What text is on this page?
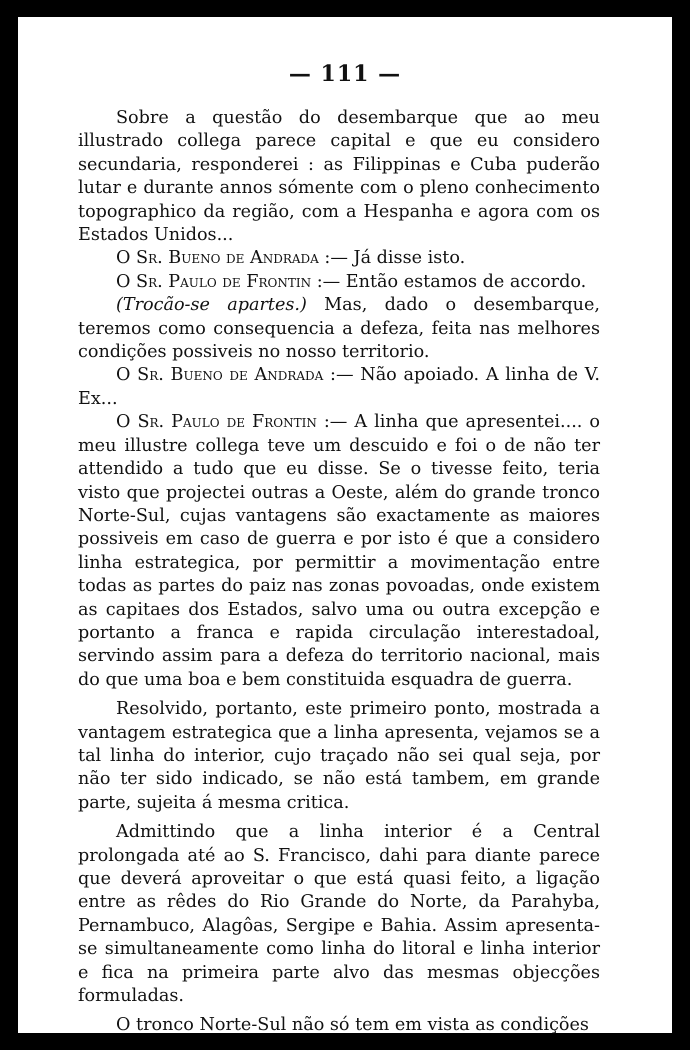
— 111 —

Sobre a questão do desembarque que ao meu illustrado collega parece capital e que eu considero secundaria, responderei : as Filippinas e Cuba puderão lutar e durante annos sómente com o pleno conhecimento topographico da região, com a Hespanha e agora com os Estados Unidos...

O Sr. Bueno de Andrada :— Já disse isto.

O Sr. Paulo de Frontin :— Então estamos de accordo.

(Trocão-se apartes.) Mas, dado o desembarque, teremos como consequencia a defeza, feita nas melhores condições possiveis no nosso territorio.

O Sr. Bueno de Andrada :— Não apoiado. A linha de V. Ex...

O Sr. Paulo de Frontin :— A linha que apresentei.... o meu illustre collega teve um descuido e foi o de não ter attendido a tudo que eu disse. Se o tivesse feito, teria visto que projectei outras a Oeste, além do grande tronco Norte-Sul, cujas vantagens são exactamente as maiores possiveis em caso de guerra e por isto é que a considero linha estrategica, por permittir a movimentação entre todas as partes do paiz nas zonas povoadas, onde existem as capitaes dos Estados, salvo uma ou outra excepção e portanto a franca e rapida circulação interestadoal, servindo assim para a defeza do territorio nacional, mais do que uma boa e bem constituida esquadra de guerra.

Resolvido, portanto, este primeiro ponto, mostrada a vantagem estrategica que a linha apresenta, vejamos se a tal linha do interior, cujo traçado não sei qual seja, por não ter sido indicado, se não está tambem, em grande parte, sujeita á mesma critica.

Admittindo que a linha interior é a Central prolongada até ao S. Francisco, dahi para diante parece que deverá aproveitar o que está quasi feito, a ligação entre as rêdes do Rio Grande do Norte, da Parahyba, Pernambuco, Alagôas, Sergipe e Bahia. Assim apresenta-se simultaneamente como linha do litoral e linha interior e fica na primeira parte alvo das mesmas objecções formuladas.

O tronco Norte-Sul não só tem em vista as condições
